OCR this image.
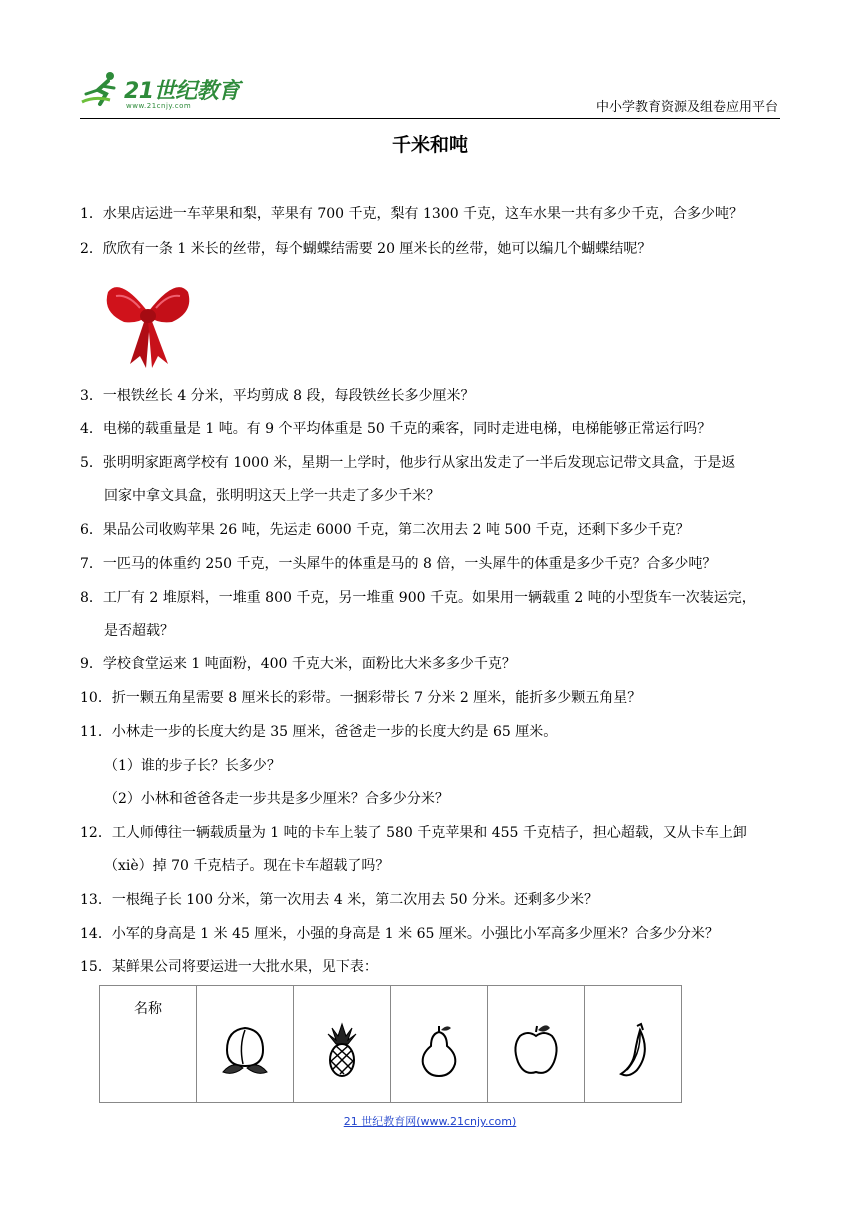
21世纪教育
www.21cnjy.com	中小学教育资源及组卷应用平台
千米和吨
1．水果店运进一车苹果和梨，苹果有 700 千克，梨有 1300 千克，这车水果一共有多少千克，合多少吨？
2．欣欣有一条 1 米长的丝带，每个蝴蝶结需要 20 厘米长的丝带，她可以编几个蝴蝶结呢？
3．一根铁丝长 4 分米，平均剪成 8 段，每段铁丝长多少厘米？
4．电梯的载重量是 1 吨。有 9 个平均体重是 50 千克的乘客，同时走进电梯，电梯能够正常运行吗？
5．张明明家距离学校有 1000 米，星期一上学时，他步行从家出发走了一半后发现忘记带文具盒，于是返
回家中拿文具盒，张明明这天上学一共走了多少千米？
6．果品公司收购苹果 26 吨，先运走 6000 千克，第二次用去 2 吨 500 千克，还剩下多少千克？
7．一匹马的体重约 250 千克，一头犀牛的体重是马的 8 倍，一头犀牛的体重是多少千克？合多少吨？
8．工厂有 2 堆原料，一堆重 800 千克，另一堆重 900 千克。如果用一辆载重 2 吨的小型货车一次装运完，
是否超载？
9．学校食堂运来 1 吨面粉，400 千克大米，面粉比大米多多少千克？
10．折一颗五角星需要 8 厘米长的彩带。一捆彩带长 7 分米 2 厘米，能折多少颗五角星？
11．小林走一步的长度大约是 35 厘米，爸爸走一步的长度大约是 65 厘米。
（1）谁的步子长？长多少？
（2）小林和爸爸各走一步共是多少厘米？合多少分米？
12．工人师傅往一辆载质量为 1 吨的卡车上装了 580 千克苹果和 455 千克桔子，担心超载，又从卡车上卸
（xiè）掉 70 千克桔子。现在卡车超载了吗？
13．一根绳子长 100 分米，第一次用去 4 米，第二次用去 50 分米。还剩多少米？
14．小军的身高是 1 米 45 厘米，小强的身高是 1 米 65 厘米。小强比小军高多少厘米？合多少分米？
15．某鲜果公司将要运进一大批水果，见下表：
名称	

21 世纪教育网(www.21cnjy.com)
